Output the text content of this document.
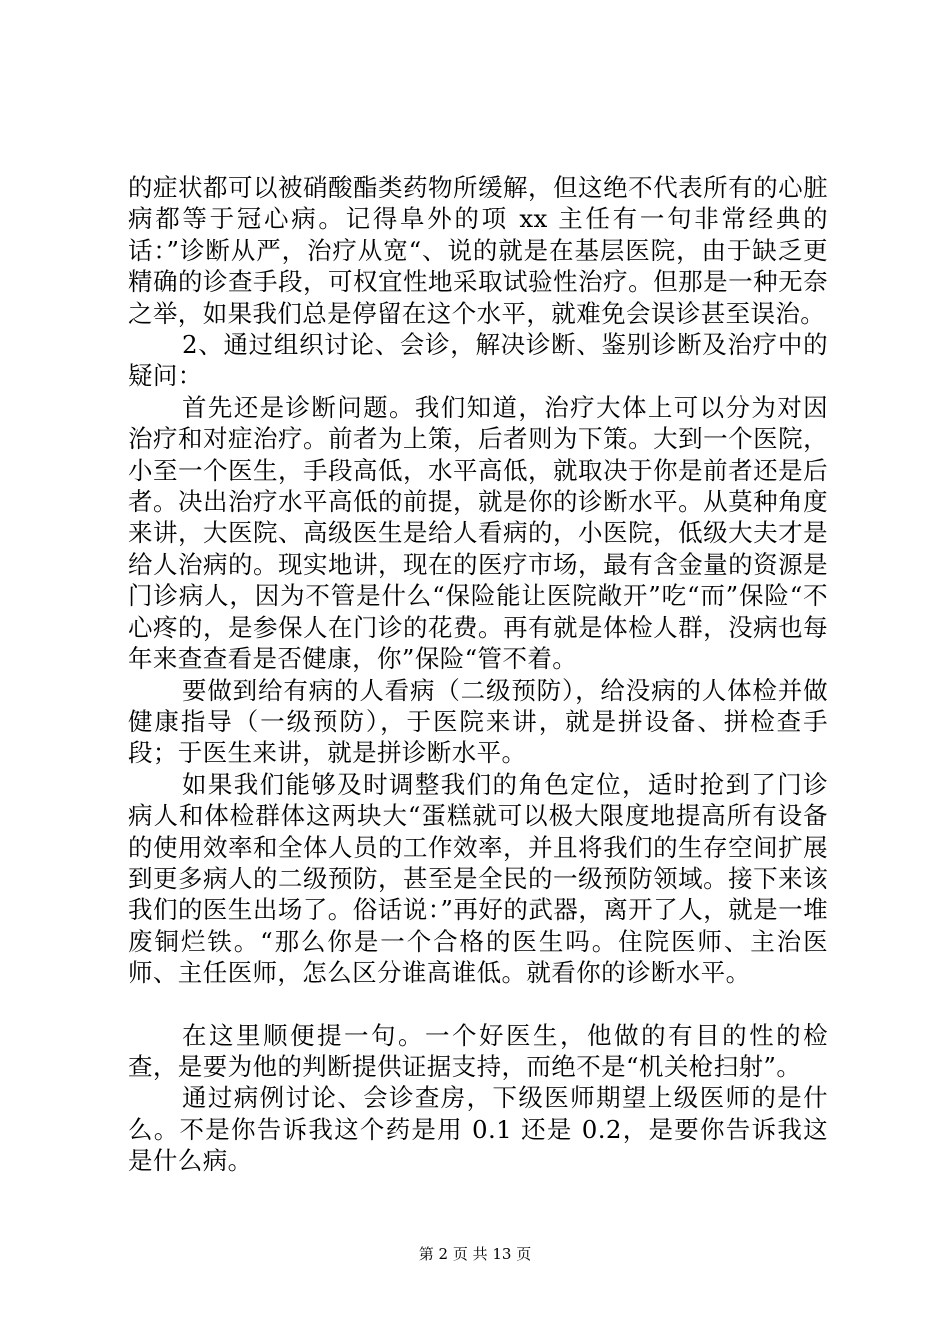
的症状都可以被硝酸酯类药物所缓解，但这绝不代表所有的心脏病都等于冠心病。记得阜外的项 xx 主任有一句非常经典的话：”诊断从严，治疗从宽“、说的就是在基层医院，由于缺乏更精确的诊查手段，可权宜性地采取试验性治疗。但那是一种无奈之举，如果我们总是停留在这个水平，就难免会误诊甚至误治。

2、通过组织讨论、会诊，解决诊断、鉴别诊断及治疗中的疑问：

首先还是诊断问题。我们知道，治疗大体上可以分为对因治疗和对症治疗。前者为上策，后者则为下策。大到一个医院，小至一个医生，手段高低，水平高低，就取决于你是前者还是后者。决出治疗水平高低的前提，就是你的诊断水平。从莫种角度来讲，大医院、高级医生是给人看病的，小医院，低级大夫才是给人治病的。现实地讲，现在的医疗市场，最有含金量的资源是门诊病人，因为不管是什么“保险能让医院敞开”吃“而”保险“不心疼的，是参保人在门诊的花费。再有就是体检人群，没病也每年来查查看是否健康，你”保险“管不着。

要做到给有病的人看病（二级预防），给没病的人体检并做健康指导（一级预防），于医院来讲，就是拼设备、拼检查手段；于医生来讲，就是拼诊断水平。

如果我们能够及时调整我们的角色定位，适时抢到了门诊病人和体检群体这两块大“蛋糕就可以极大限度地提高所有设备的使用效率和全体人员的工作效率，并且将我们的生存空间扩展到更多病人的二级预防，甚至是全民的一级预防领域。接下来该我们的医生出场了。俗话说：”再好的武器，离开了人，就是一堆废铜烂铁。“那么你是一个合格的医生吗。住院医师、主治医师、主任医师，怎么区分谁高谁低。就看你的诊断水平。

在这里顺便提一句。一个好医生，他做的有目的性的检查，是要为他的判断提供证据支持，而绝不是“机关枪扫射”。

通过病例讨论、会诊查房，下级医师期望上级医师的是什么。不是你告诉我这个药是用 0.1 还是 0.2，是要你告诉我这是什么病。

第 2 页 共 13 页
